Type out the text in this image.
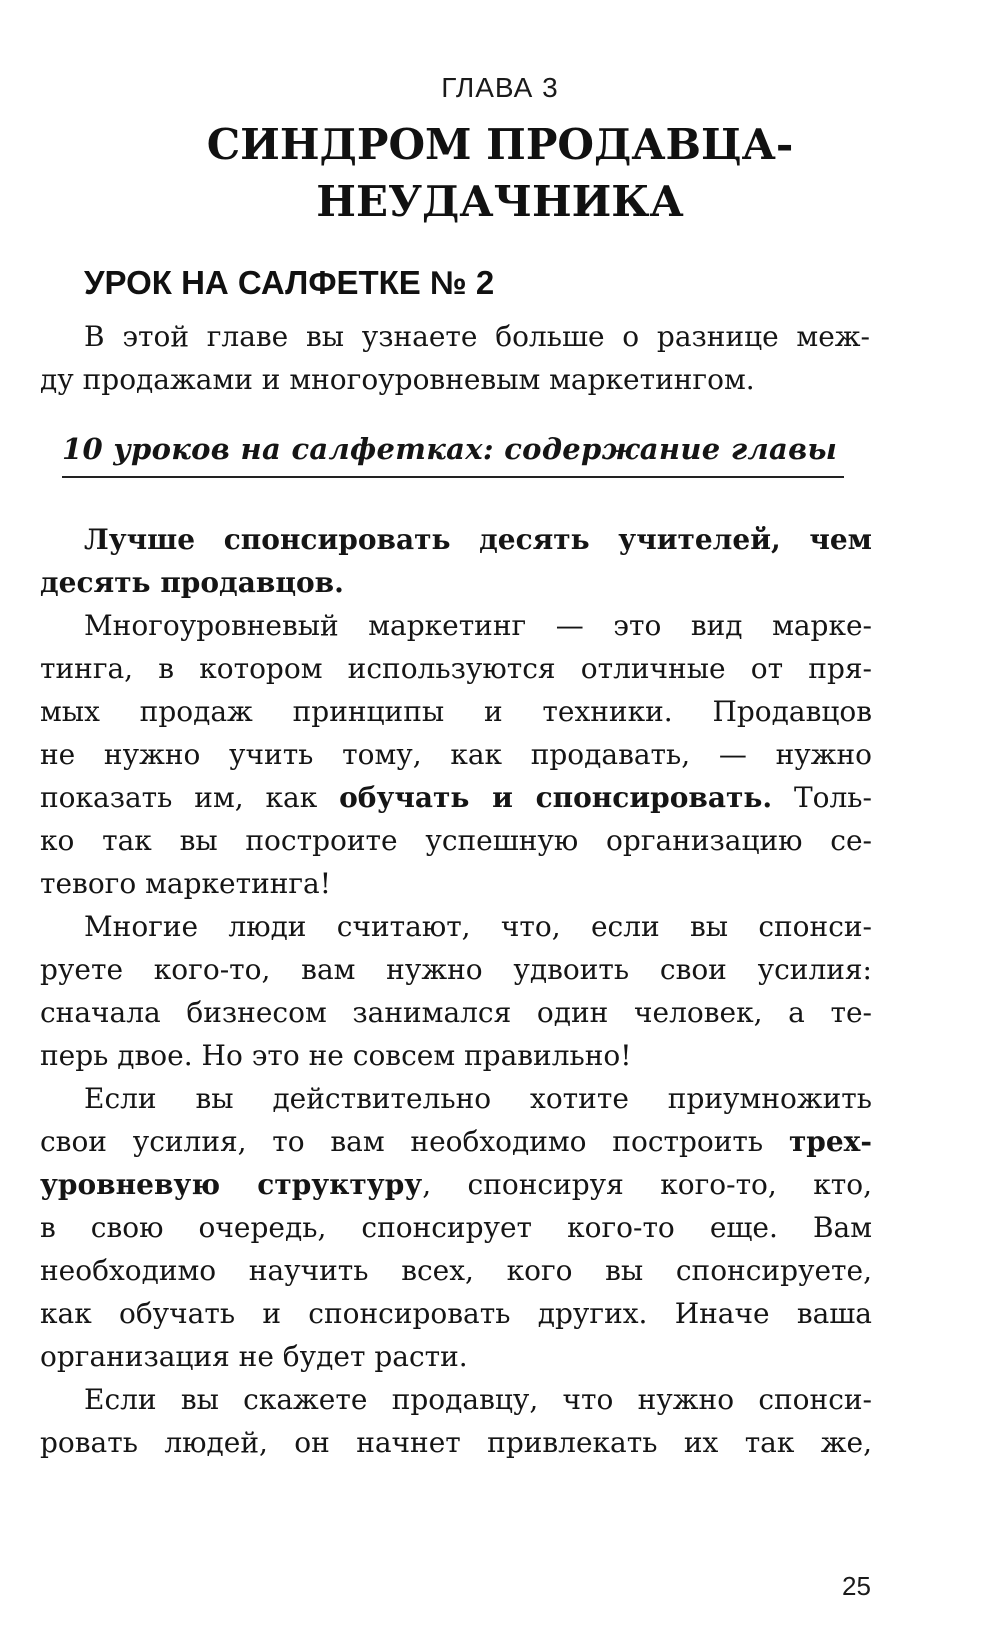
ГЛАВА 3
СИНДРОМ ПРОДАВЦА-
НЕУДАЧНИКА
УРОК НА САЛФЕТКЕ № 2
В этой главе вы узнаете больше о разнице меж-
ду продажами и многоуровневым маркетингом.
10 уроков на салфетках: содержание главы
Лучше спонсировать десять учителей, чем
десять продавцов.
Многоуровневый маркетинг — это вид марке-
тинга, в котором используются отличные от пря-
мых продаж принципы и техники. Продавцов
не нужно учить тому, как продавать, — нужно
показать им, как обучать и спонсировать. Толь-
ко так вы построите успешную организацию се-
тевого маркетинга!
Многие люди считают, что, если вы спонси-
руете кого-то, вам нужно удвоить свои усилия:
сначала бизнесом занимался один человек, а те-
перь двое. Но это не совсем правильно!
Если вы действительно хотите приумножить
свои усилия, то вам необходимо построить трех-
уровневую структуру, спонсируя кого-то, кто,
в свою очередь, спонсирует кого-то еще. Вам
необходимо научить всех, кого вы спонсируете,
как обучать и спонсировать других. Иначе ваша
организация не будет расти.
Если вы скажете продавцу, что нужно спонси-
ровать людей, он начнет привлекать их так же,
25
